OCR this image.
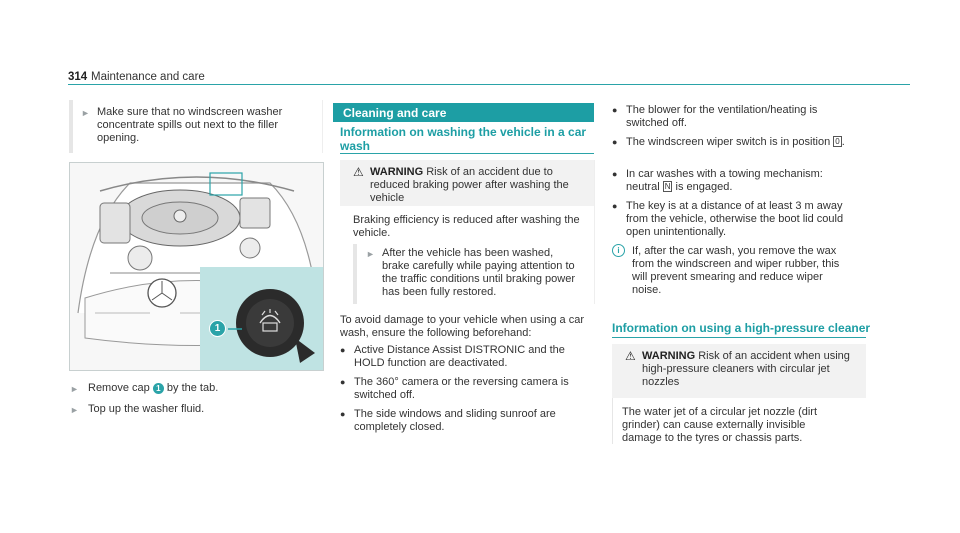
314 Maintenance and care
► Make sure that no windscreen washer concentrate spills out next to the filler opening.
1
► Remove cap 1 by the tab.
► Top up the washer fluid.
Cleaning and care
Information on washing the vehicle in a car wash
⚠ WARNING Risk of an accident due to reduced braking power after washing the vehicle
Braking efficiency is reduced after washing the vehicle.
► After the vehicle has been washed, brake carefully while paying attention to the traffic conditions until braking power has been fully restored.
To avoid damage to your vehicle when using a car wash, ensure the following beforehand:
● Active Distance Assist DISTRONIC and the HOLD function are deactivated.
● The 360° camera or the reversing camera is switched off.
● The side windows and sliding sunroof are completely closed.
● The blower for the ventilation/heating is switched off.
● The windscreen wiper switch is in position 0 .
● In car washes with a towing mechanism: neutral N is engaged.
● The key is at a distance of at least 3 m away from the vehicle, otherwise the boot lid could open unintentionally.
i	If, after the car wash, you remove the wax from the windscreen and wiper rubber, this will prevent smearing and reduce wiper noise.
Information on using a high-pressure cleaner
⚠ WARNING Risk of an accident when using high-pressure cleaners with circular jet nozzles
The water jet of a circular jet nozzle (dirt grinder) can cause externally invisible damage to the tyres or chassis parts.
